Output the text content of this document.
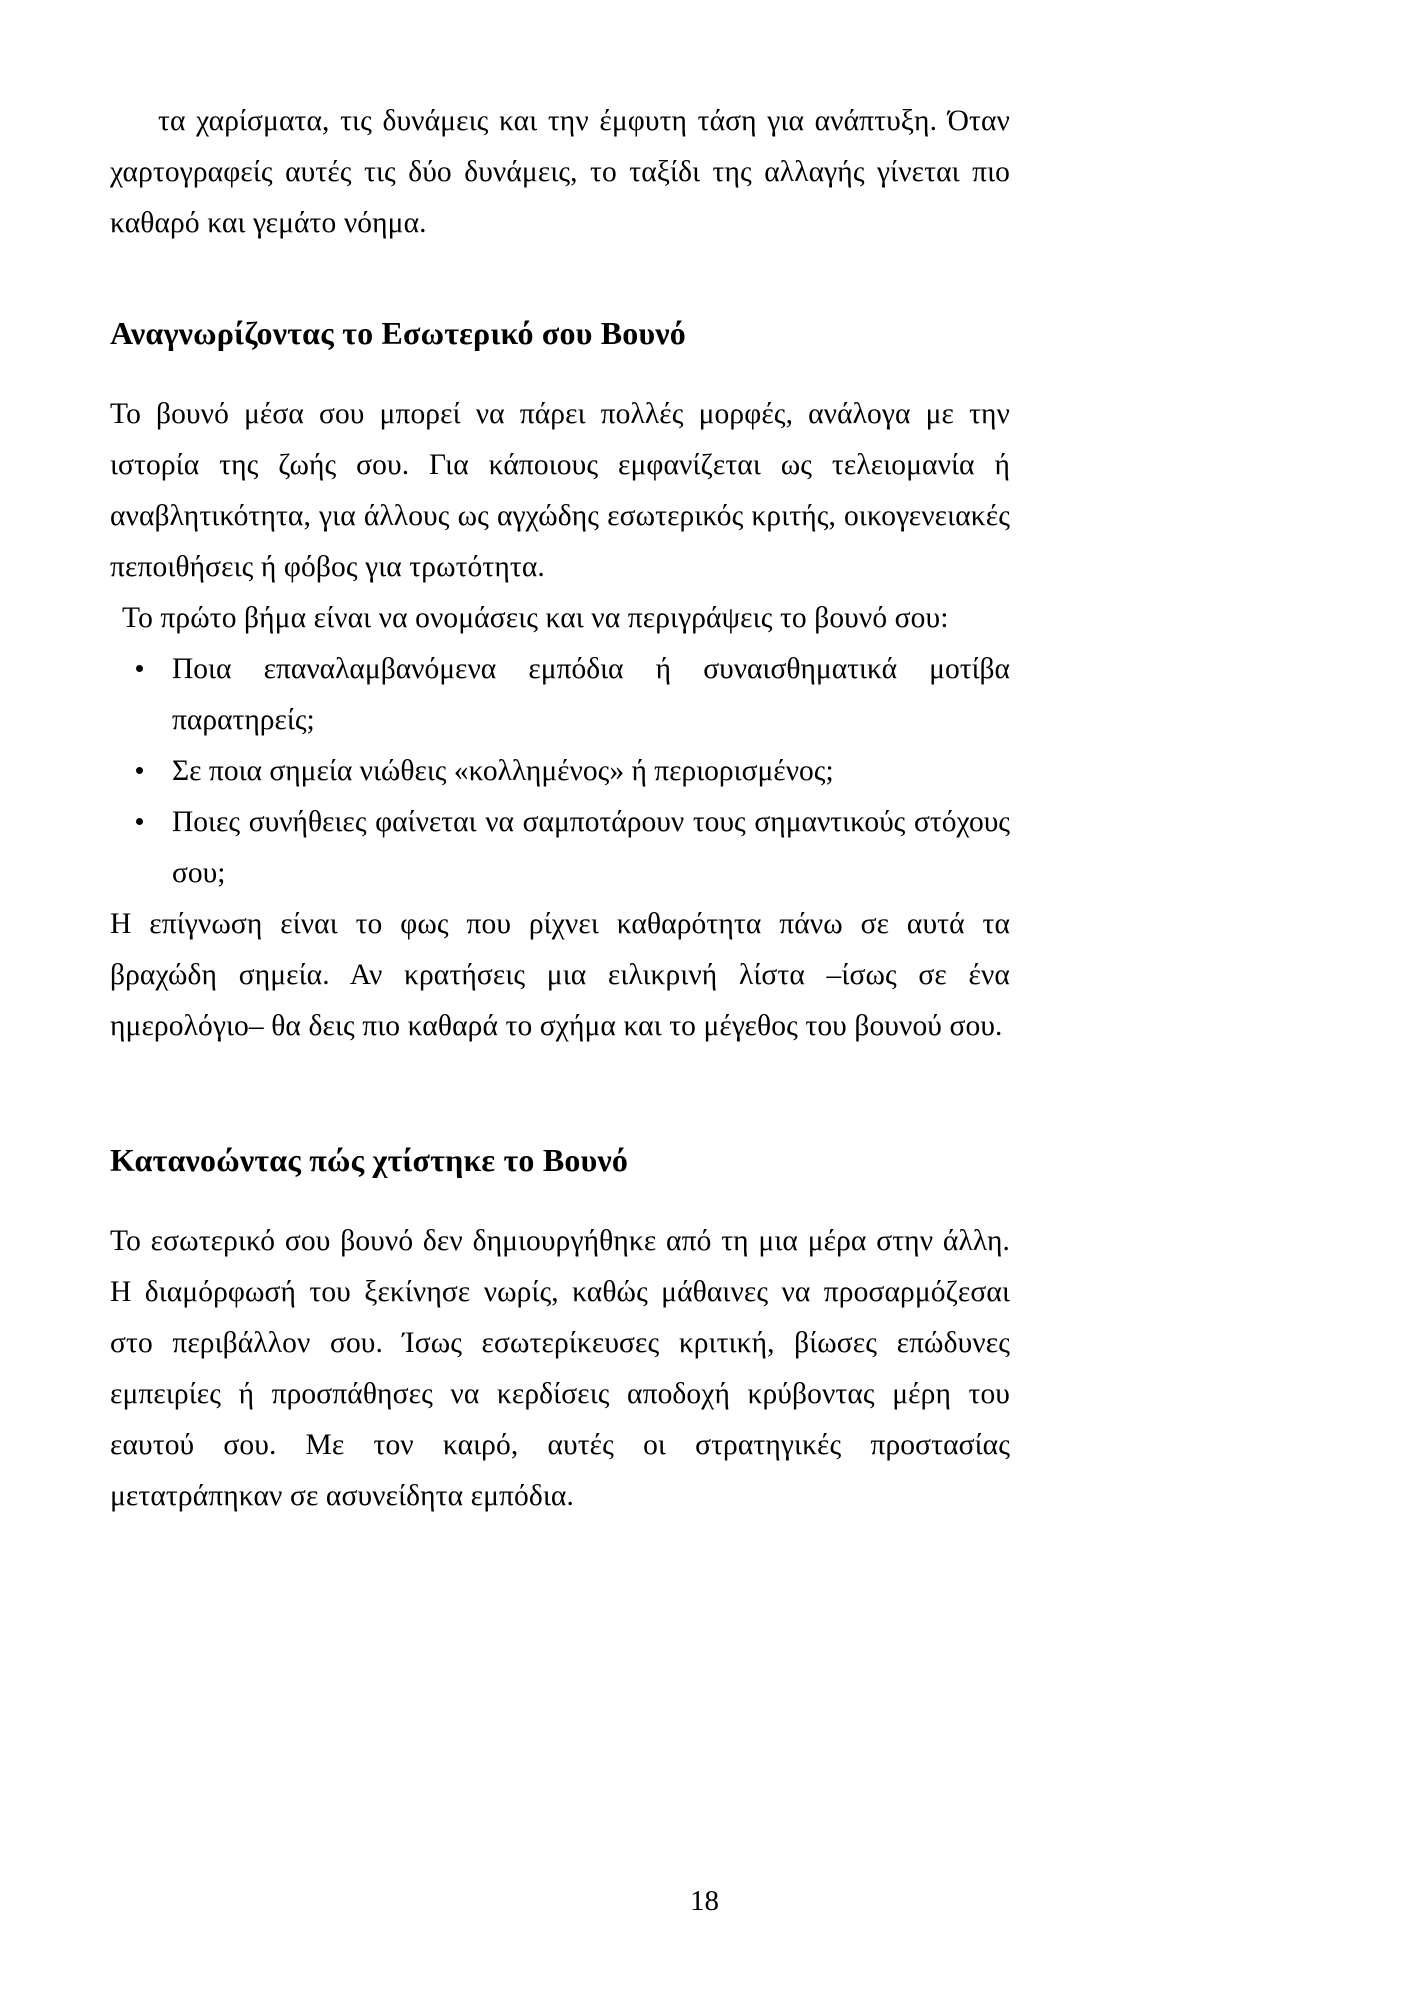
τα χαρίσματα, τις δυνάμεις και την έμφυτη τάση για ανάπτυξη. Όταν χαρτογραφείς αυτές τις δύο δυνάμεις, το ταξίδι της αλλαγής γίνεται πιο καθαρό και γεμάτο νόημα.

Αναγνωρίζοντας το Εσωτερικό σου Βουνό

Το βουνό μέσα σου μπορεί να πάρει πολλές μορφές, ανάλογα με την ιστορία της ζωής σου. Για κάποιους εμφανίζεται ως τελειομανία ή αναβλητικότητα, για άλλους ως αγχώδης εσωτερικός κριτής, οικογενειακές πεποιθήσεις ή φόβος για τρωτότητα.

Το πρώτο βήμα είναι να ονομάσεις και να περιγράψεις το βουνό σου:

Ποια επαναλαμβανόμενα εμπόδια ή συναισθηματικά μοτίβα παρατηρείς;
Σε ποια σημεία νιώθεις «κολλημένος» ή περιορισμένος;
Ποιες συνήθειες φαίνεται να σαμποτάρουν τους σημαντικούς στόχους σου;

Η επίγνωση είναι το φως που ρίχνει καθαρότητα πάνω σε αυτά τα βραχώδη σημεία. Αν κρατήσεις μια ειλικρινή λίστα –ίσως σε ένα ημερολόγιο– θα δεις πιο καθαρά το σχήμα και το μέγεθος του βουνού σου.

Κατανοώντας πώς χτίστηκε το Βουνό

Το εσωτερικό σου βουνό δεν δημιουργήθηκε από τη μια μέρα στην άλλη. Η διαμόρφωσή του ξεκίνησε νωρίς, καθώς μάθαινες να προσαρμόζεσαι στο περιβάλλον σου. Ίσως εσωτερίκευσες κριτική, βίωσες επώδυνες εμπειρίες ή προσπάθησες να κερδίσεις αποδοχή κρύβοντας μέρη του εαυτού σου. Με τον καιρό, αυτές οι στρατηγικές προστασίας μετατράπηκαν σε ασυνείδητα εμπόδια.

18
